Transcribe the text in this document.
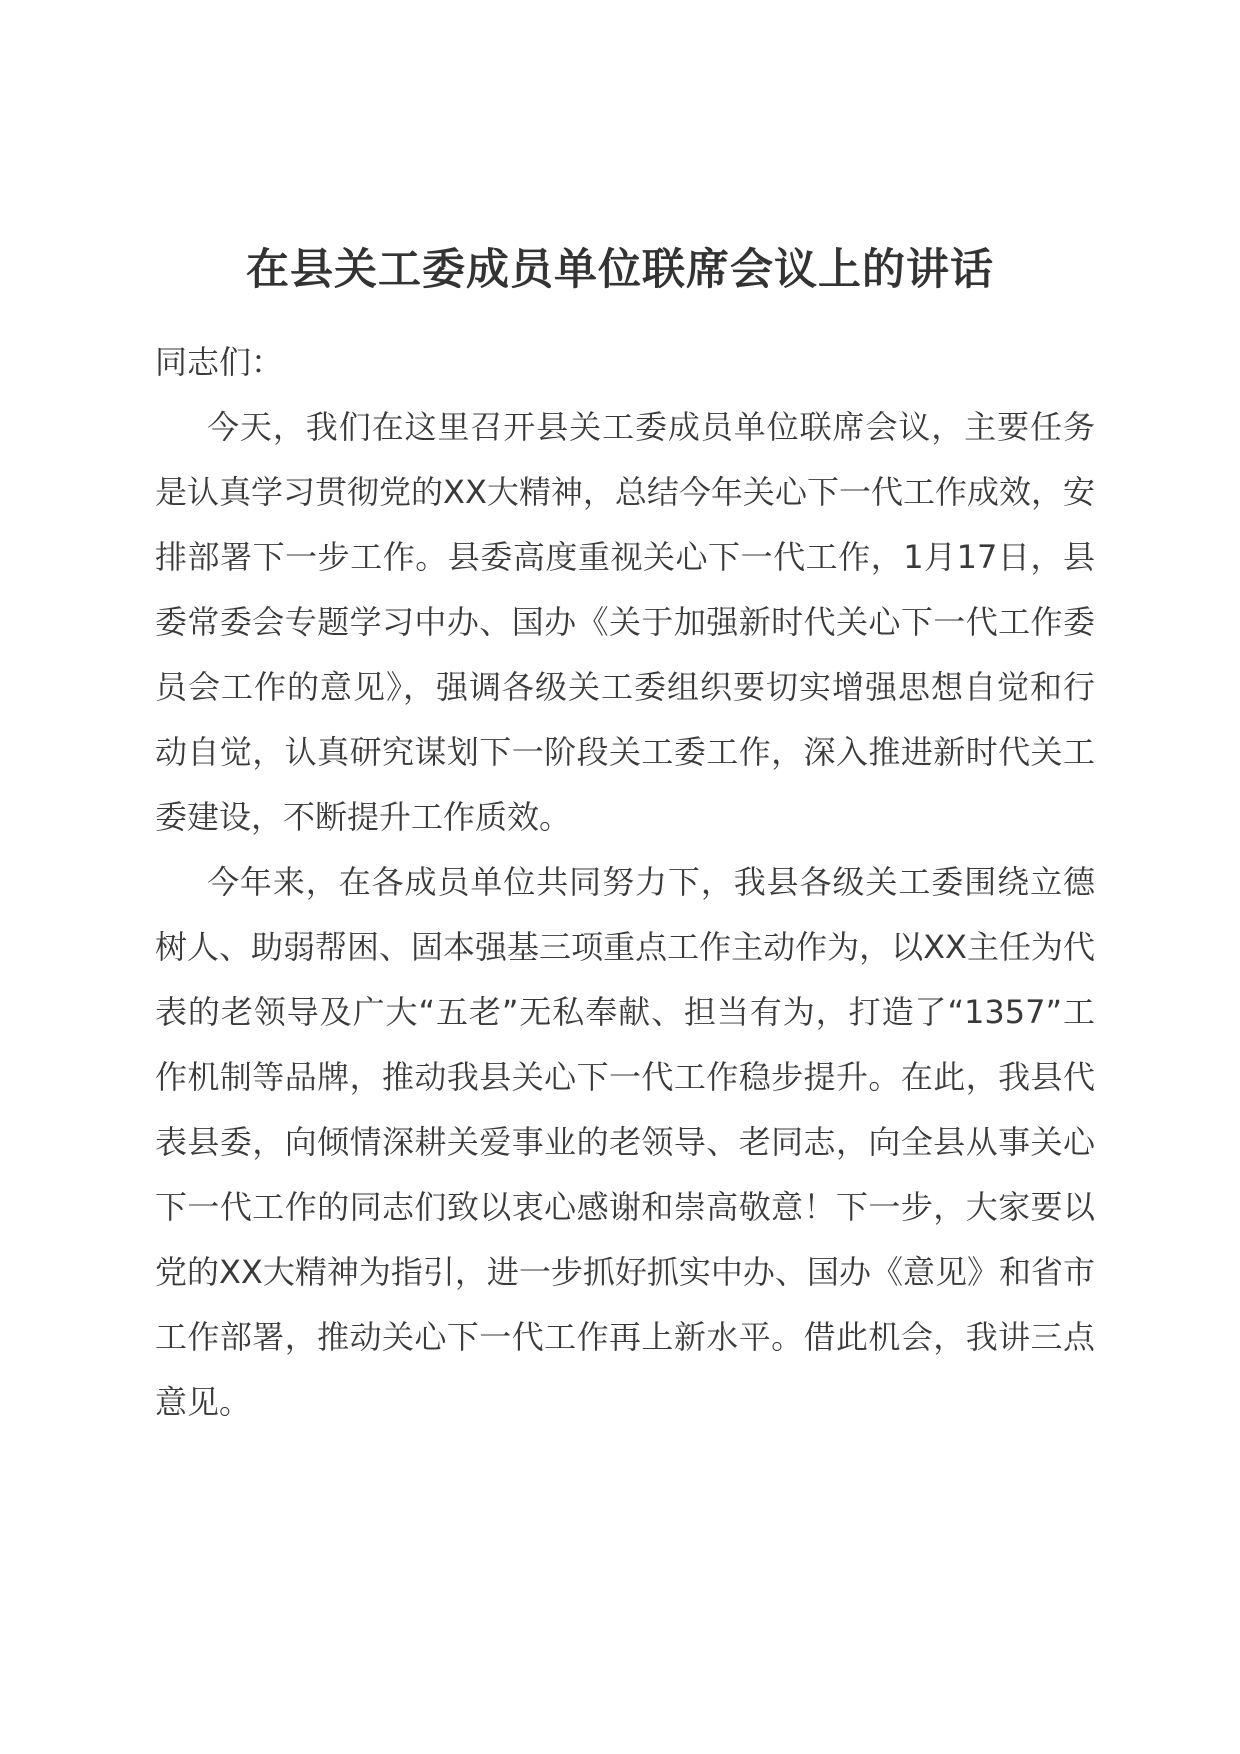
在县关工委成员单位联席会议上的讲话

同志们：

今天，我们在这里召开县关工委成员单位联席会议，主要任务是认真学习贯彻党的XX大精神，总结今年关心下一代工作成效，安排部署下一步工作。县委高度重视关心下一代工作，1月17日，县委常委会专题学习中办、国办《关于加强新时代关心下一代工作委员会工作的意见》，强调各级关工委组织要切实增强思想自觉和行动自觉，认真研究谋划下一阶段关工委工作，深入推进新时代关工委建设，不断提升工作质效。

今年来，在各成员单位共同努力下，我县各级关工委围绕立德树人、助弱帮困、固本强基三项重点工作主动作为，以XX主任为代表的老领导及广大“五老”无私奉献、担当有为，打造了“1357”工作机制等品牌，推动我县关心下一代工作稳步提升。在此，我县代表县委，向倾情深耕关爱事业的老领导、老同志，向全县从事关心下一代工作的同志们致以衷心感谢和崇高敬意！下一步，大家要以党的XX大精神为指引，进一步抓好抓实中办、国办《意见》和省市工作部署，推动关心下一代工作再上新水平。借此机会，我讲三点意见。
